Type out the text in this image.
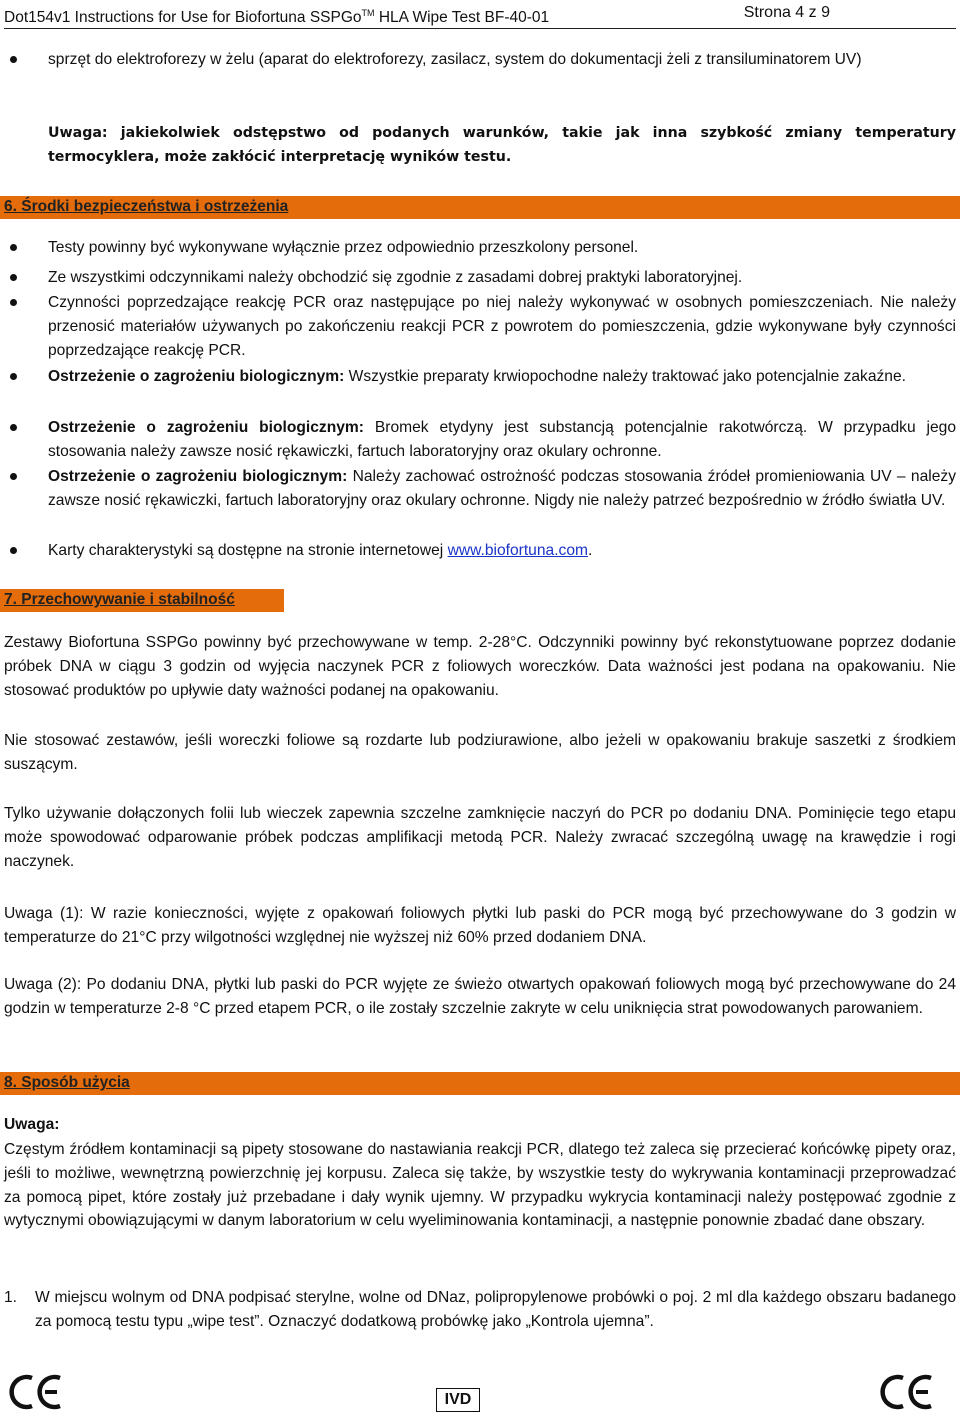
Dot154v1 Instructions for Use for Biofortuna SSPGo™ HLA Wipe Test BF-40-01	Strona 4 z 9
sprzęt do elektroforezy w żelu (aparat do elektroforezy, zasilacz, system do dokumentacji żeli z transiluminatorem UV)
Uwaga: jakiekolwiek odstępstwo od podanych warunków, takie jak inna szybkość zmiany temperatury termocyklera, może zakłócić interpretację wyników testu.
6. Środki bezpieczeństwa i ostrzeżenia
Testy powinny być wykonywane wyłącznie przez odpowiednio przeszkolony personel.
Ze wszystkimi odczynnikami należy obchodzić się zgodnie z zasadami dobrej praktyki laboratoryjnej.
Czynności poprzedzające reakcję PCR oraz następujące po niej należy wykonywać w osobnych pomieszczeniach. Nie należy przenosić materiałów używanych po zakończeniu reakcji PCR z powrotem do pomieszczenia, gdzie wykonywane były czynności poprzedzające reakcję PCR.
Ostrzeżenie o zagrożeniu biologicznym: Wszystkie preparaty krwiopochodne należy traktować jako potencjalnie zakaźne.
Ostrzeżenie o zagrożeniu biologicznym: Bromek etydyny jest substancją potencjalnie rakotwórczą. W przypadku jego stosowania należy zawsze nosić rękawiczki, fartuch laboratoryjny oraz okulary ochronne.
Ostrzeżenie o zagrożeniu biologicznym: Należy zachować ostrożność podczas stosowania źródeł promieniowania UV – należy zawsze nosić rękawiczki, fartuch laboratoryjny oraz okulary ochronne. Nigdy nie należy patrzeć bezpośrednio w źródło światła UV.
Karty charakterystyki są dostępne na stronie internetowej www.biofortuna.com.
7. Przechowywanie i stabilność
Zestawy Biofortuna SSPGo powinny być przechowywane w temp. 2-28°C. Odczynniki powinny być rekonstytuowane poprzez dodanie próbek DNA w ciągu 3 godzin od wyjęcia naczynek PCR z foliowych woreczków. Data ważności jest podana na opakowaniu. Nie stosować produktów po upływie daty ważności podanej na opakowaniu.
Nie stosować zestawów, jeśli woreczki foliowe są rozdarte lub podziurawione, albo jeżeli w opakowaniu brakuje saszetki z środkiem suszącym.
Tylko używanie dołączonych folii lub wieczek zapewnia szczelne zamknięcie naczyń do PCR po dodaniu DNA. Pominięcie tego etapu może spowodować odparowanie próbek podczas amplifikacji metodą PCR. Należy zwracać szczególną uwagę na krawędzie i rogi naczynek.
Uwaga (1): W razie konieczności, wyjęte z opakowań foliowych płytki lub paski do PCR mogą być przechowywane do 3 godzin w temperaturze do 21°C przy wilgotności względnej nie wyższej niż 60% przed dodaniem DNA.
Uwaga (2): Po dodaniu DNA, płytki lub paski do PCR wyjęte ze świeżo otwartych opakowań foliowych mogą być przechowywane do 24 godzin w temperaturze 2-8 °C przed etapem PCR, o ile zostały szczelnie zakryte w celu uniknięcia strat powodowanych parowaniem.
8. Sposób użycia
Uwaga:
Częstym źródłem kontaminacji są pipety stosowane do nastawiania reakcji PCR, dlatego też zaleca się przecierać końcówkę pipety oraz, jeśli to możliwe, wewnętrzną powierzchnię jej korpusu. Zaleca się także, by wszystkie testy do wykrywania kontaminacji przeprowadzać za pomocą pipet, które zostały już przebadane i dały wynik ujemny. W przypadku wykrycia kontaminacji należy postępować zgodnie z wytycznymi obowiązującymi w danym laboratorium w celu wyeliminowania kontaminacji, a następnie ponownie zbadać dane obszary.
1. W miejscu wolnym od DNA podpisać sterylne, wolne od DNaz, polipropylenowe probówki o poj. 2 ml dla każdego obszaru badanego za pomocą testu typu „wipe test”. Oznaczyć dodatkową probówkę jako „Kontrola ujemna”.
IVD
